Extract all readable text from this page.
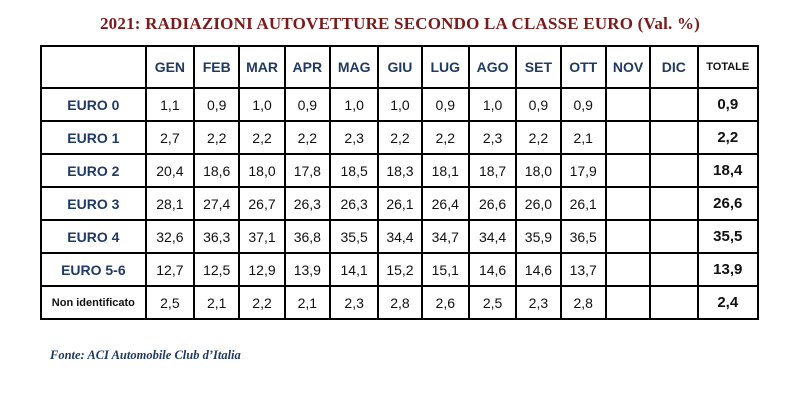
2021: RADIAZIONI AUTOVETTURE SECONDO LA CLASSE EURO (Val. %)
	GEN	FEB	MAR	APR	MAG	GIU	LUG	AGO	SET	OTT	NOV	DIC	TOTALE
EURO 0	1,1	0,9	1,0	0,9	1,0	1,0	0,9	1,0	0,9	0,9			0,9
EURO 1	2,7	2,2	2,2	2,2	2,3	2,2	2,2	2,3	2,2	2,1			2,2
EURO 2	20,4	18,6	18,0	17,8	18,5	18,3	18,1	18,7	18,0	17,9			18,4
EURO 3	28,1	27,4	26,7	26,3	26,3	26,1	26,4	26,6	26,0	26,1			26,6
EURO 4	32,6	36,3	37,1	36,8	35,5	34,4	34,7	34,4	35,9	36,5			35,5
EURO 5-6	12,7	12,5	12,9	13,9	14,1	15,2	15,1	14,6	14,6	13,7			13,9
Non identificato	2,5	2,1	2,2	2,1	2,3	2,8	2,6	2,5	2,3	2,8			2,4
Fonte: ACI Automobile Club d’Italia
